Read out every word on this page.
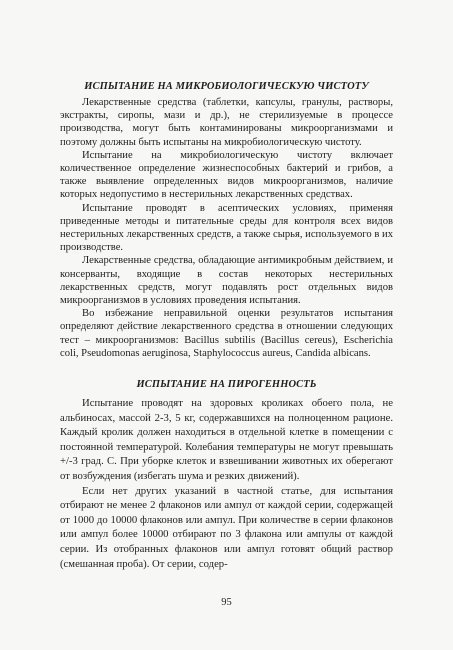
ИСПЫТАНИЕ НА МИКРОБИОЛОГИЧЕСКУЮ ЧИСТОТУ

Лекарственные средства (таблетки, капсулы, гранулы, растворы, экстракты, сиропы, мази и др.), не стерилизуемые в процессе производства, могут быть контаминированы микроорганизмами и поэтому должны быть испытаны на микробиологическую чистоту.

Испытание на микробиологическую чистоту включает количественное определение жизнеспособных бактерий и грибов, а также выявление определенных видов микроорганизмов, наличие которых недопустимо в нестерильных лекарственных средствах.

Испытание проводят в асептических условиях, применяя приведенные методы и питательные среды для контроля всех видов нестерильных лекарственных средств, а также сырья, используемого в их производстве.

Лекарственные средства, обладающие антимикробным действием, и консерванты, входящие в состав некоторых нестерильных лекарственных средств, могут подавлять рост отдельных видов микроорганизмов в условиях проведения испытания.

Во избежание неправильной оценки результатов испытания определяют действие лекарственного средства в отношении следующих тест – микроорганизмов: Bacillus subtilis (Bacillus cereus), Escherichia coli, Pseudomonas aeruginosa, Staphylococcus aureus, Candida albicans.

ИСПЫТАНИЕ НА ПИРОГЕННОСТЬ

Испытание проводят на здоровых кроликах обоего пола, не альбиносах, массой 2-3, 5 кг, содержавшихся на полноценном рационе. Каждый кролик должен находиться в отдельной клетке в помещении с постоянной температурой. Колебания температуры не могут превышать +/-3 град. С. При уборке клеток и взвешивании животных их оберегают от возбуждения (избегать шума и резких движений).

Если нет других указаний в частной статье, для испытания отбирают не менее 2 флаконов или ампул от каждой серии, содержащей от 1000 до 10000 флаконов или ампул. При количестве в серии флаконов или ампул более 10000 отбирают по 3 флакона или ампулы от каждой серии. Из отобранных флаконов или ампул готовят общий раствор (смешанная проба). От серии, содер-

95
